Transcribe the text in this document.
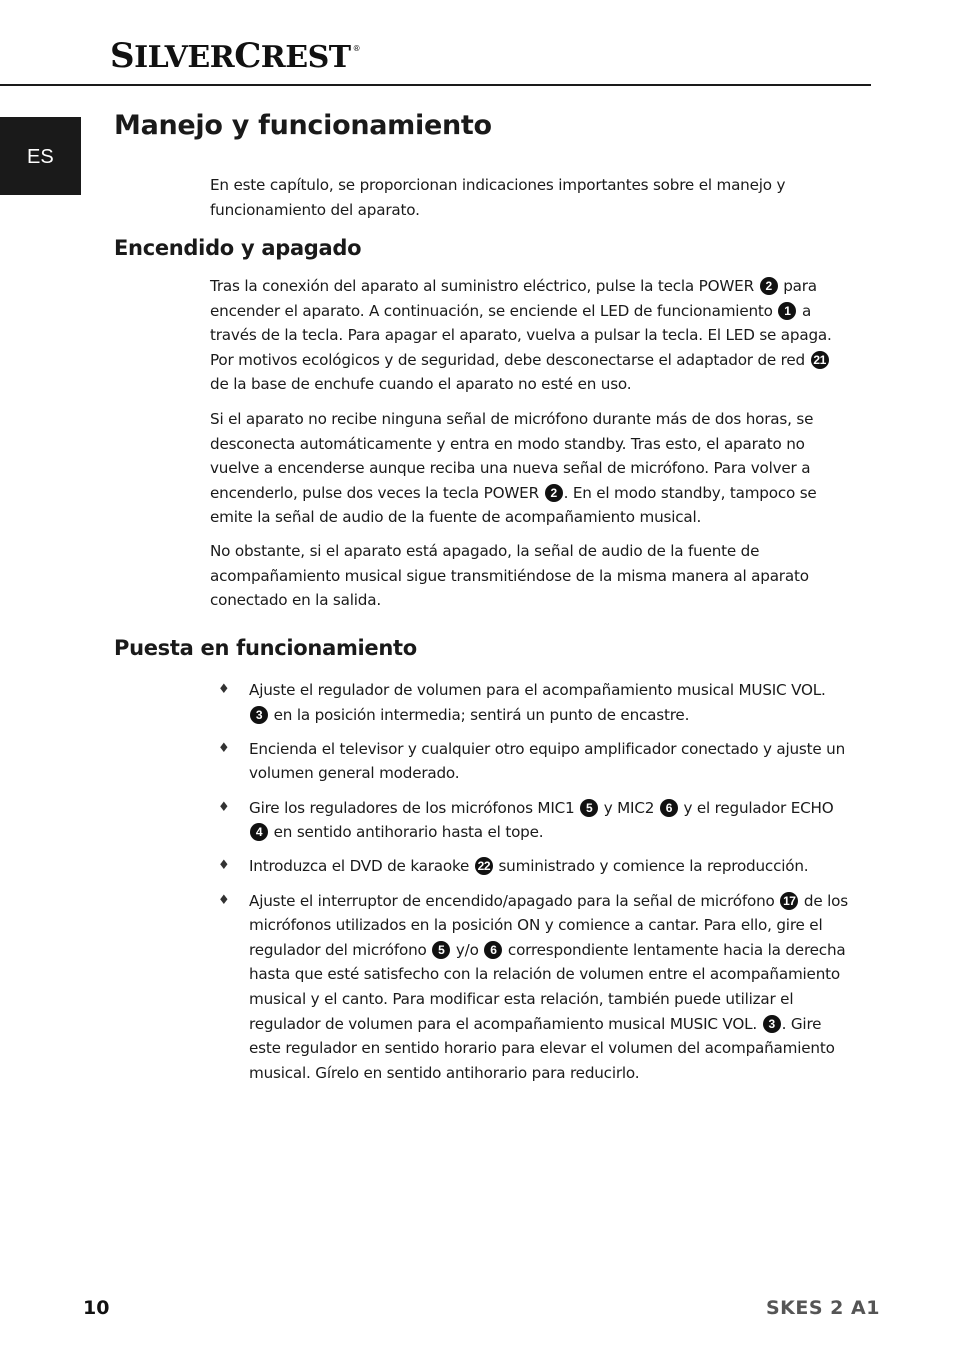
SILVERCREST ®
ES
Manejo y funcionamiento

En este capítulo, se proporcionan indicaciones importantes sobre el manejo y funcionamiento del aparato.

Encendido y apagado

Tras la conexión del aparato al suministro eléctrico, pulse la tecla POWER 2 para encender el aparato. A continuación, se enciende el LED de funcionamiento 1 a través de la tecla. Para apagar el aparato, vuelva a pulsar la tecla. El LED se apaga. Por motivos ecológicos y de seguridad, debe desconectarse el adaptador de red 21 de la base de enchufe cuando el aparato no esté en uso.

Si el aparato no recibe ninguna señal de micrófono durante más de dos horas, se desconecta automáticamente y entra en modo standby. Tras esto, el aparato no vuelve a encenderse aunque reciba una nueva señal de micrófono. Para volver a encenderlo, pulse dos veces la tecla POWER 2 . En el modo standby, tampoco se emite la señal de audio de la fuente de acompañamiento musical.

No obstante, si el aparato está apagado, la señal de audio de la fuente de acompañamiento musical sigue transmitiéndose de la misma manera al aparato conectado en la salida.

Puesta en funcionamiento
♦ Ajuste el regulador de volumen para el acompañamiento musical MUSIC VOL. 3 en la posición intermedia; sentirá un punto de encastre.
♦ Encienda el televisor y cualquier otro equipo amplificador conectado y ajuste un volumen general moderado.
♦ Gire los reguladores de los micrófonos MIC1 5 y MIC2 6 y el regulador ECHO 4 en sentido antihorario hasta el tope.
♦ Introduzca el DVD de karaoke 22 suministrado y comience la reproducción.
♦ Ajuste el interruptor de encendido/apagado para la señal de micrófono 17 de los micrófonos utilizados en la posición ON y comience a cantar. Para ello, gire el regulador del micrófono 5 y/o 6 correspondiente lentamente hacia la derecha hasta que esté satisfecho con la relación de volumen entre el acompañamiento musical y el canto. Para modificar esta relación, también puede utilizar el regulador de volumen para el acompañamiento musical MUSIC VOL. 3 . Gire este regulador en sentido horario para elevar el volumen del acompañamiento musical. Gírelo en sentido antihorario para reducirlo.
10	SKES 2 A1
